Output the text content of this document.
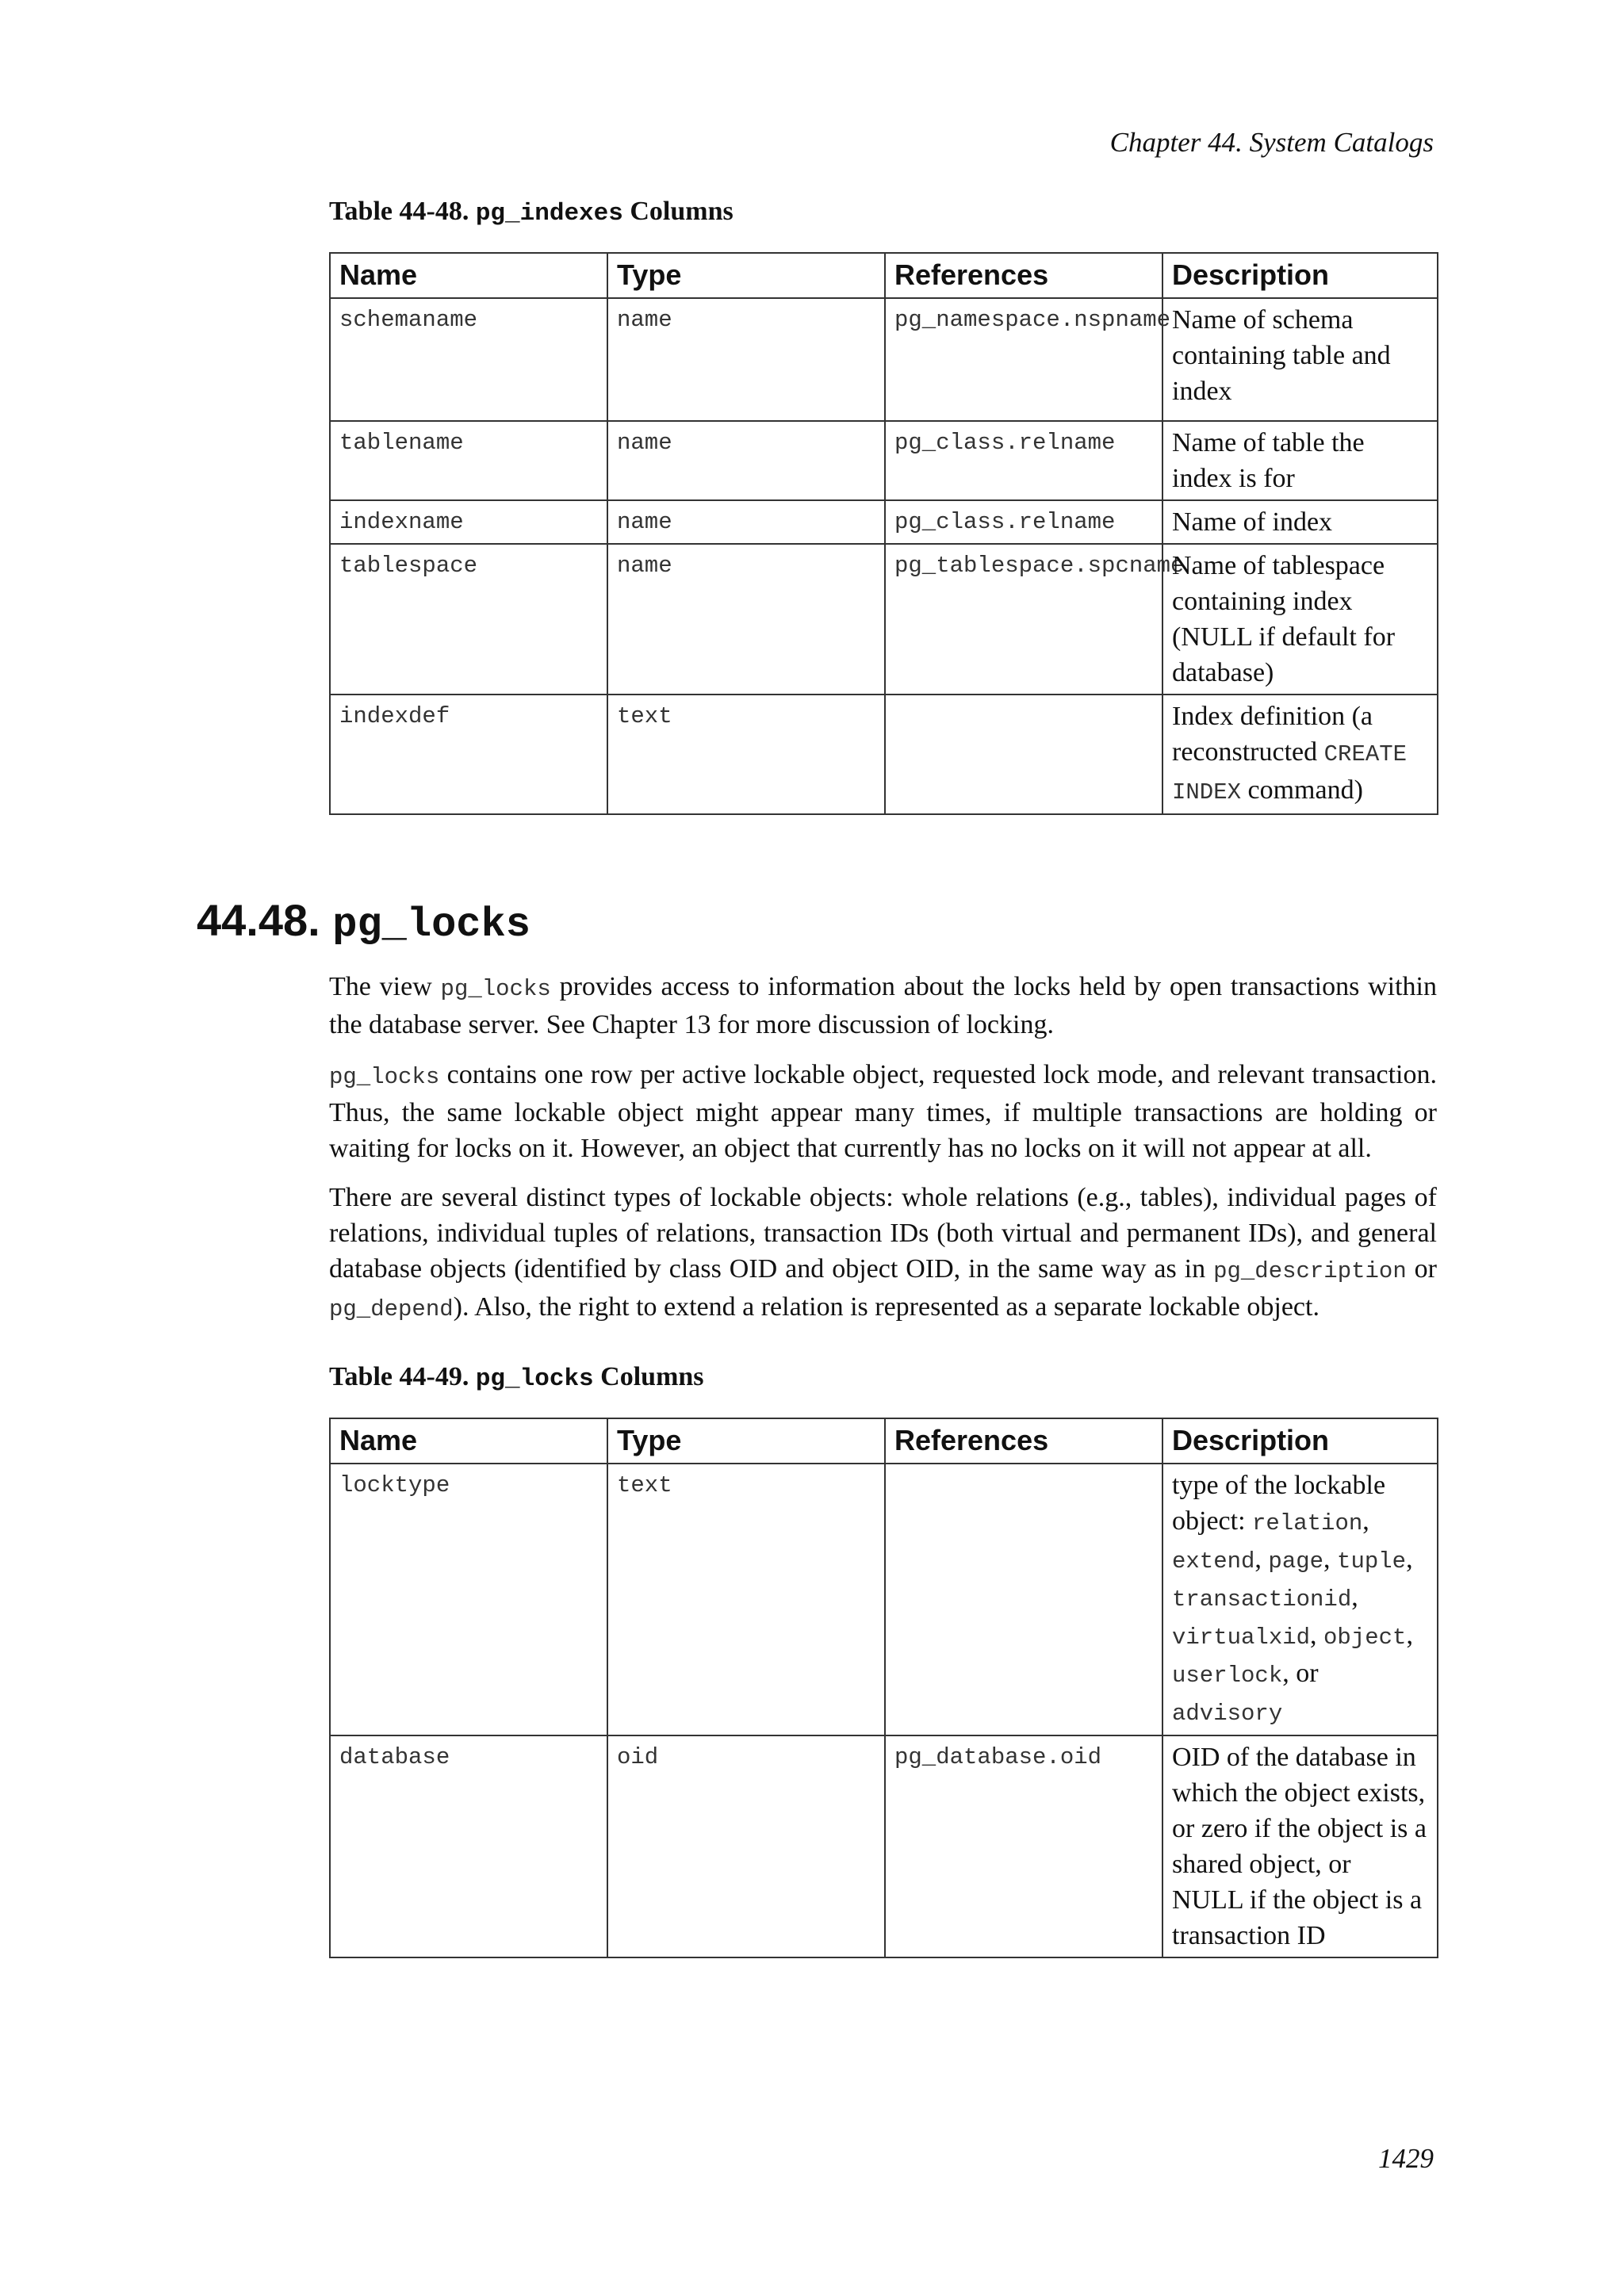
Chapter 44. System Catalogs
Table 44-48. pg_indexes Columns
Name	Type	References	Description
schemaname	name	pg_namespace.nspname	Name of schema containing table and index
tablename	name	pg_class.relname	Name of table the index is for
indexname	name	pg_class.relname	Name of index
tablespace	name	pg_tablespace.spcname	Name of tablespace containing index (NULL if default for database)
indexdef	text		Index definition (a reconstructed CREATE INDEX command)
44.48. pg_locks

The view pg_locks provides access to information about the locks held by open transactions within the database server. See Chapter 13 for more discussion of locking.

pg_locks contains one row per active lockable object, requested lock mode, and relevant transaction. Thus, the same lockable object might appear many times, if multiple transactions are holding or waiting for locks on it. However, an object that currently has no locks on it will not appear at all.

There are several distinct types of lockable objects: whole relations (e.g., tables), individual pages of relations, individual tuples of relations, transaction IDs (both virtual and permanent IDs), and general database objects (identified by class OID and object OID, in the same way as in pg_description or pg_depend). Also, the right to extend a relation is represented as a separate lockable object.

Table 44-49. pg_locks Columns
Name	Type	References	Description
locktype	text		type of the lockable object: relation, extend, page, tuple, transactionid, virtualxid, object, userlock, or advisory
database	oid	pg_database.oid	OID of the database in which the object exists, or zero if the object is a shared object, or NULL if the object is a transaction ID
1429
